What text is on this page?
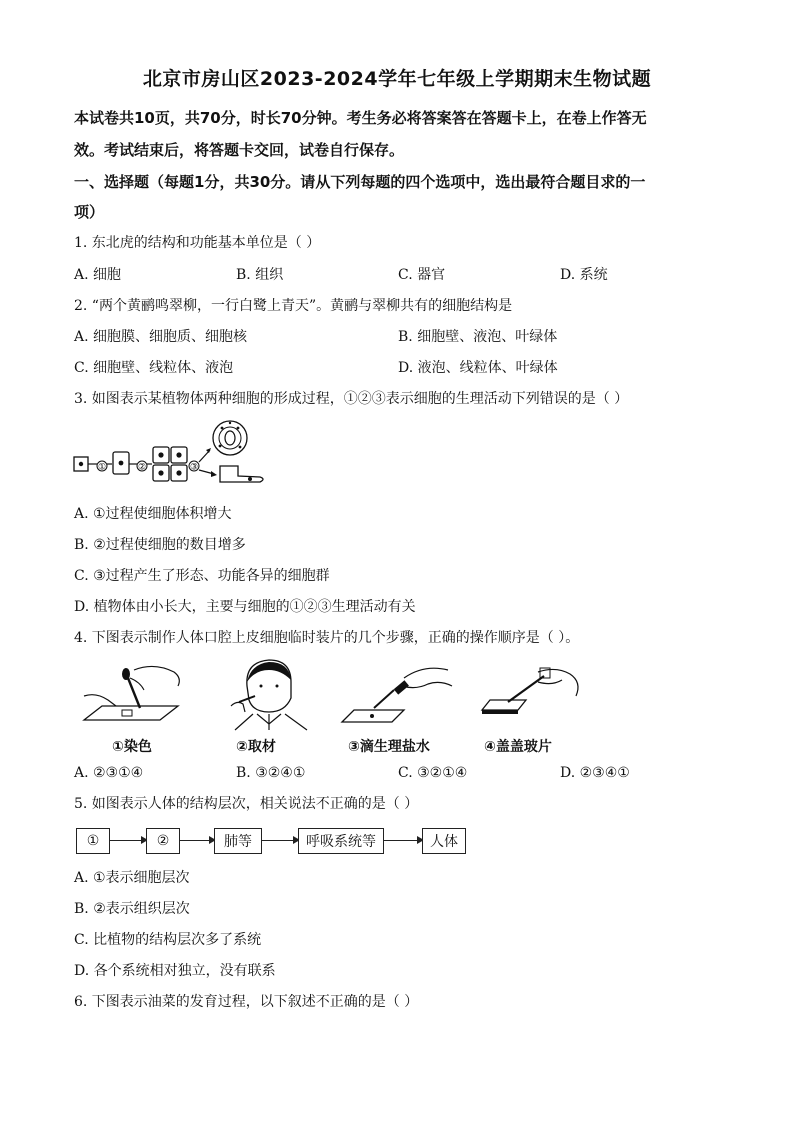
北京市房山区2023-2024学年七年级上学期期末生物试题
本试卷共10页，共70分，时长70分钟。考生务必将答案答在答题卡上，在卷上作答无
效。考试结束后，将答题卡交回，试卷自行保存。
一、选择题（每题1分，共30分。请从下列每题的四个选项中，选出最符合题目求的一
项）
1. 东北虎的结构和功能基本单位是（ ）
A. 细胞	B. 组织	C. 器官	D. 系统
2. “两个黄鹂鸣翠柳，一行白鹭上青天”。黄鹂与翠柳共有的细胞结构是
A. 细胞膜、细胞质、细胞核	B. 细胞壁、液泡、叶绿体
C. 细胞壁、线粒体、液泡	D. 液泡、线粒体、叶绿体
3. 如图表示某植物体两种细胞的形成过程，①②③表示细胞的生理活动下列错误的是（ ）
①	②	③
A. ①过程使细胞体积增大
B. ②过程使细胞的数目增多
C. ③过程产生了形态、功能各异的细胞群
D. 植物体由小长大，主要与细胞的①②③生理活动有关
4. 下图表示制作人体口腔上皮细胞临时装片的几个步骤，正确的操作顺序是（ ）。
①染色	②取材	③滴生理盐水	④盖盖玻片
A. ②③①④	B. ③②④①	C. ③②①④	D. ②③④①
5. 如图表示人体的结构层次，相关说法不正确的是（ ）
①	②	肺等	呼吸系统等	人体
A. ①表示细胞层次
B. ②表示组织层次
C. 比植物的结构层次多了系统
D. 各个系统相对独立，没有联系
6. 下图表示油菜的发育过程，以下叙述不正确的是（ ）
